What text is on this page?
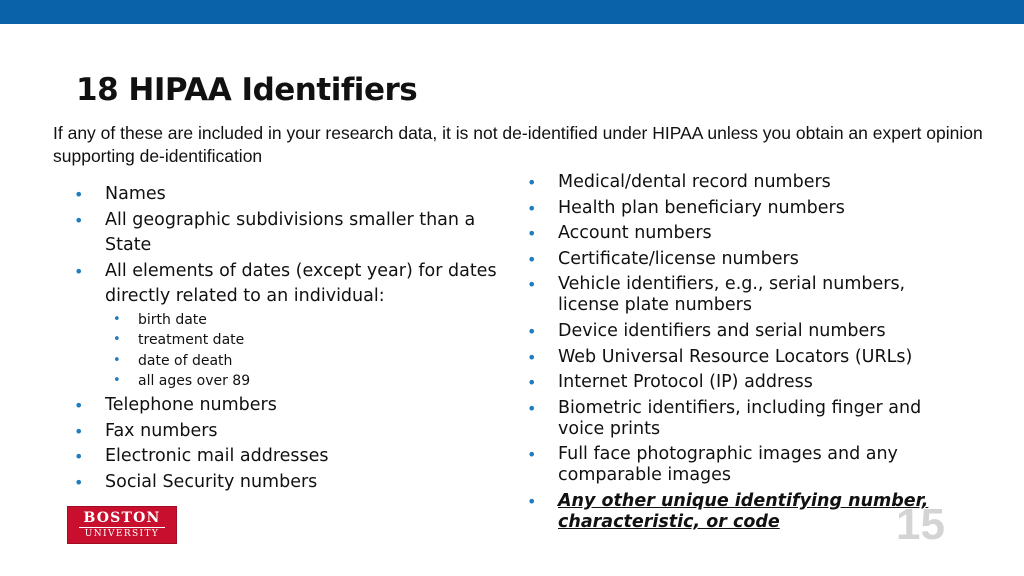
18 HIPAA Identifiers

If any of these are included in your research data, it is not de-identified under HIPAA unless you obtain an expert opinion supporting de-identification

• Names
• All geographic subdivisions smaller than a State
• All elements of dates (except year) for dates directly related to an individual:
• birth date
• treatment date
• date of death
• all ages over 89
• Telephone numbers
• Fax numbers
• Electronic mail addresses
• Social Security numbers
• Medical/dental record numbers
• Health plan beneficiary numbers
• Account numbers
• Certificate/license numbers
• Vehicle identifiers, e.g., serial numbers, license plate numbers
• Device identifiers and serial numbers
• Web Universal Resource Locators (URLs)
• Internet Protocol (IP) address
• Biometric identifiers, including finger and voice prints
• Full face photographic images and any comparable images
• Any other unique identifying number, characteristic, or code
BOSTON
UNIVERSITY	15
